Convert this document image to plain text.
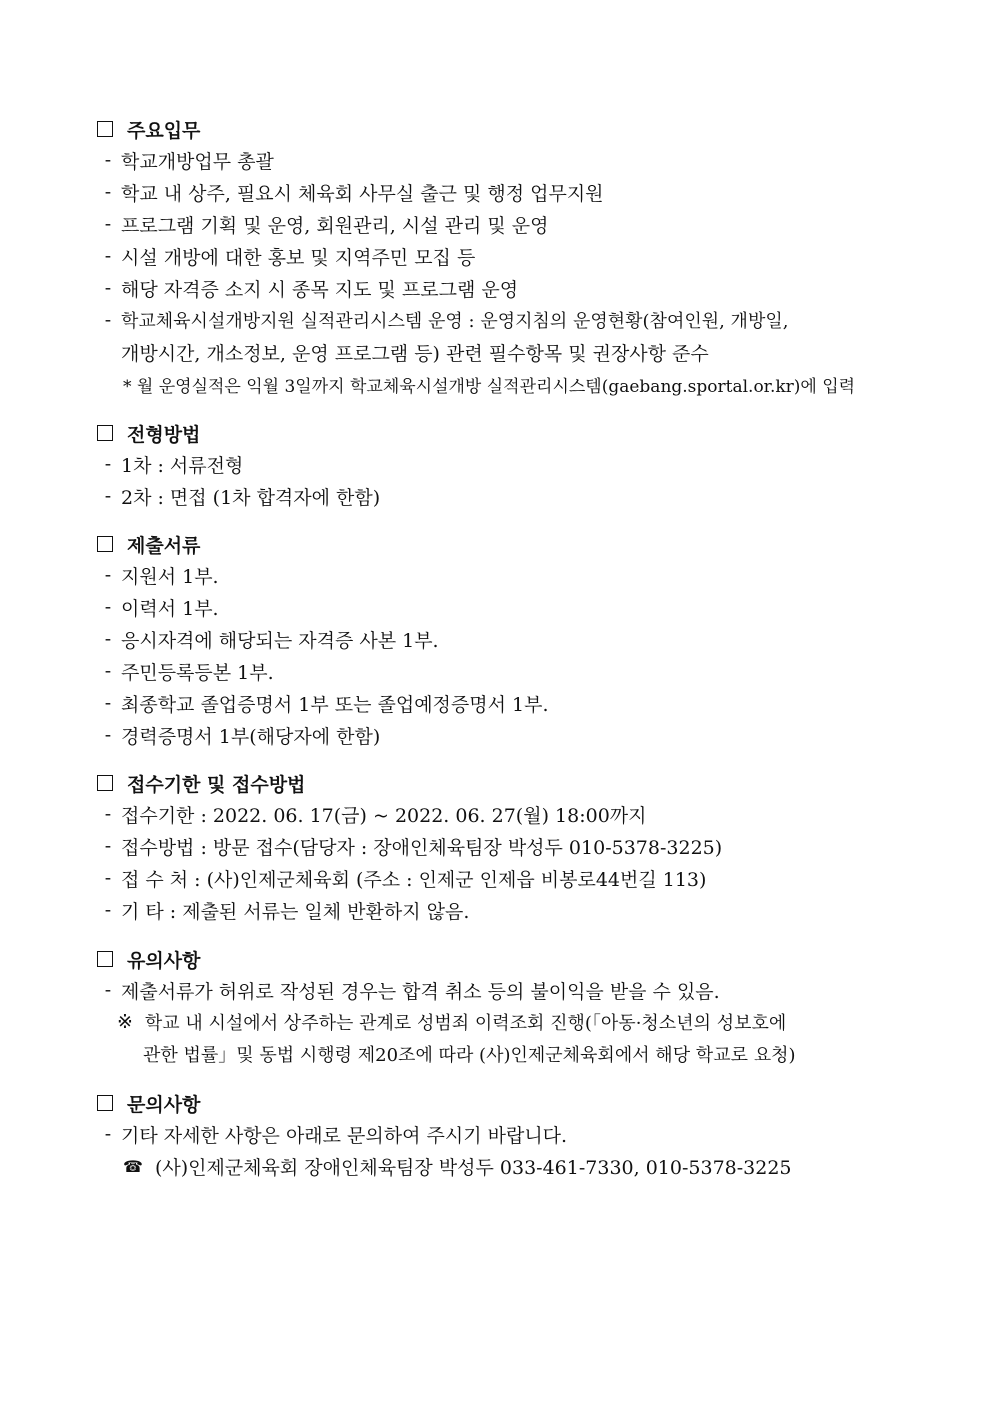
주요입무
- 학교개방업무 총괄
- 학교 내 상주, 필요시 체육회 사무실 출근 및 행정 업무지원
- 프로그램 기획 및 운영, 회원관리, 시설 관리 및 운영
- 시설 개방에 대한 홍보 및 지역주민 모집 등
- 해당 자격증 소지 시 종목 지도 및 프로그램 운영
- 학교체육시설개방지원 실적관리시스템 운영 : 운영지침의 운영현황(참여인원, 개방일,
개방시간, 개소정보, 운영 프로그램 등) 관련 필수항목 및 권장사항 준수
* 월 운영실적은 익월 3일까지 학교체육시설개방 실적관리시스템(gaebang.sportal.or.kr)에 입력
전형방법
- 1차 : 서류전형
- 2차 : 면접 (1차 합격자에 한함)
제출서류
- 지원서 1부.
- 이력서 1부.
- 응시자격에 해당되는 자격증 사본 1부.
- 주민등록등본 1부.
- 최종학교 졸업증명서 1부 또는 졸업예정증명서 1부.
- 경력증명서 1부(해당자에 한함)
접수기한 및 접수방법
- 접수기한 : 2022. 06. 17(금) ~ 2022. 06. 27(월) 18:00까지
- 접수방법 : 방문 접수(담당자 : 장애인체육팀장 박성두 010-5378-3225)
- 접 수 처 : (사)인제군체육회 (주소 : 인제군 인제읍 비봉로44번길 113)
- 기 타 : 제출된 서류는 일체 반환하지 않음.
유의사항
- 제출서류가 허위로 작성된 경우는 합격 취소 등의 불이익을 받을 수 있음.
※ 학교 내 시설에서 상주하는 관계로 성범죄 이력조회 진행(「아동·청소년의 성보호에
관한 법률」및 동법 시행령 제20조에 따라 (사)인제군체육회에서 해당 학교로 요청)
문의사항
- 기타 자세한 사항은 아래로 문의하여 주시기 바랍니다.
☎ (사)인제군체육회 장애인체육팀장 박성두 033-461-7330, 010-5378-3225
